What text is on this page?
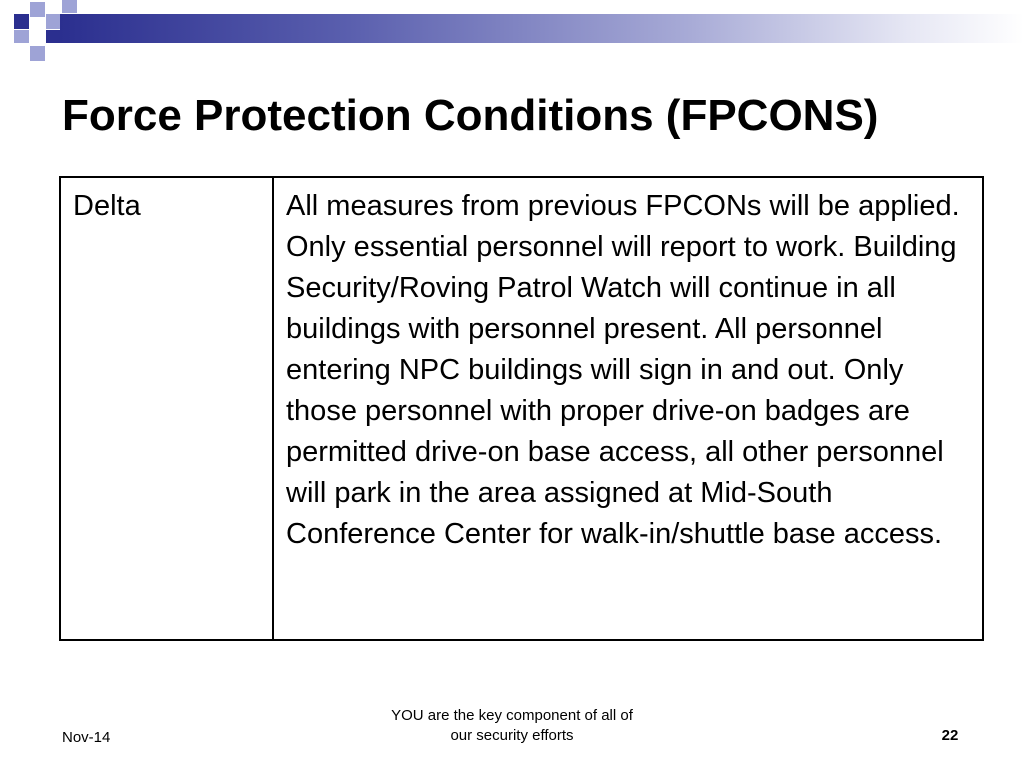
Force Protection Conditions (FPCONS)
Delta	All measures from previous FPCONs will be applied. Only essential personnel will report to work. Building Security/Roving Patrol Watch will continue in all buildings with personnel present. All personnel entering NPC buildings will sign in and out. Only those personnel with proper drive-on badges are permitted drive-on base access, all other personnel will park in the area assigned at Mid-South Conference Center for walk-in/shuttle base access.
Nov-14
YOU are the key component of all of
our security efforts	22
